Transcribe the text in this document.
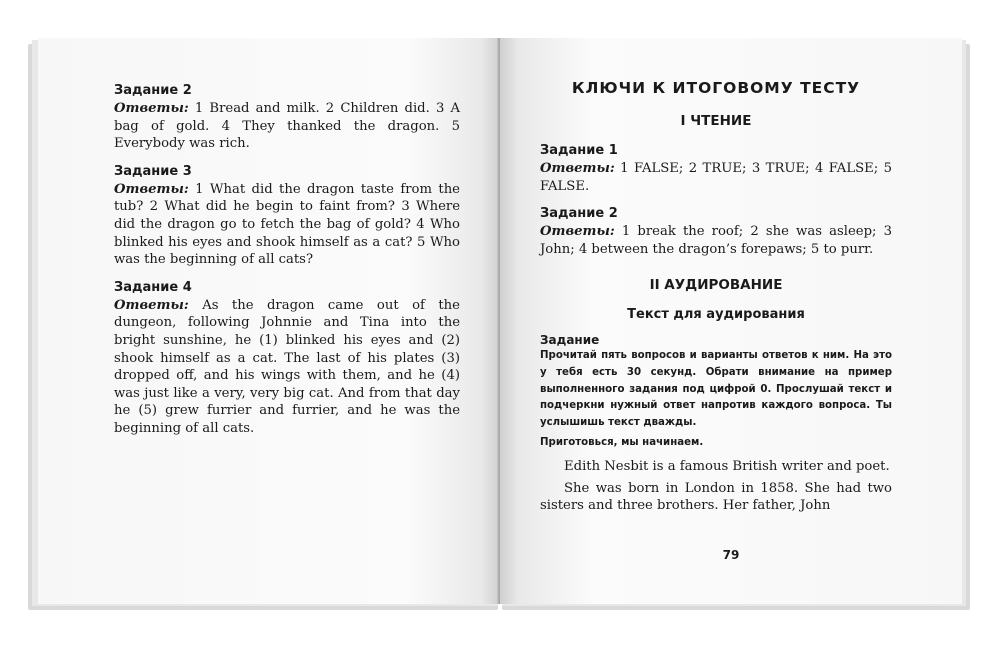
Задание 2

Ответы: 1 Bread and milk. 2 Children did. 3 A bag of gold. 4 They thanked the dragon. 5 Everybody was rich.

Задание 3

Ответы: 1 What did the dragon taste from the tub? 2 What did he begin to faint from? 3 Where did the dragon go to fetch the bag of gold? 4 Who blinked his eyes and shook himself as a cat? 5 Who was the beginning of all cats?

Задание 4

Ответы: As the dragon came out of the dungeon, following Johnnie and Tina into the bright sunshine, he (1) blinked his eyes and (2) shook himself as a cat. The last of his plates (3) dropped off, and his wings with them, and he (4) was just like a very, very big cat. And from that day he (5) grew furrier and furrier, and he was the beginning of all cats.

КЛЮЧИ К ИТОГОВОМУ ТЕСТУ

I ЧТЕНИЕ

Задание 1

Ответы: 1 FALSE; 2 TRUE; 3 TRUE; 4 FALSE; 5 FALSE.

Задание 2

Ответы: 1 break the roof; 2 she was asleep; 3 John; 4 between the dragon’s forepaws; 5 to purr.

II АУДИРОВАНИЕ

Текст для аудирования

Задание

Прочитай пять вопросов и варианты ответов к ним. На это у тебя есть 30 секунд. Обрати внимание на пример выполненного задания под цифрой 0. Прослушай текст и подчеркни нужный ответ напротив каждого вопроса. Ты услышишь текст дважды.

Приготовься, мы начинаем.

Edith Nesbit is a famous British writer and poet.

She was born in London in 1858. She had two sisters and three brothers. Her father, John

79
